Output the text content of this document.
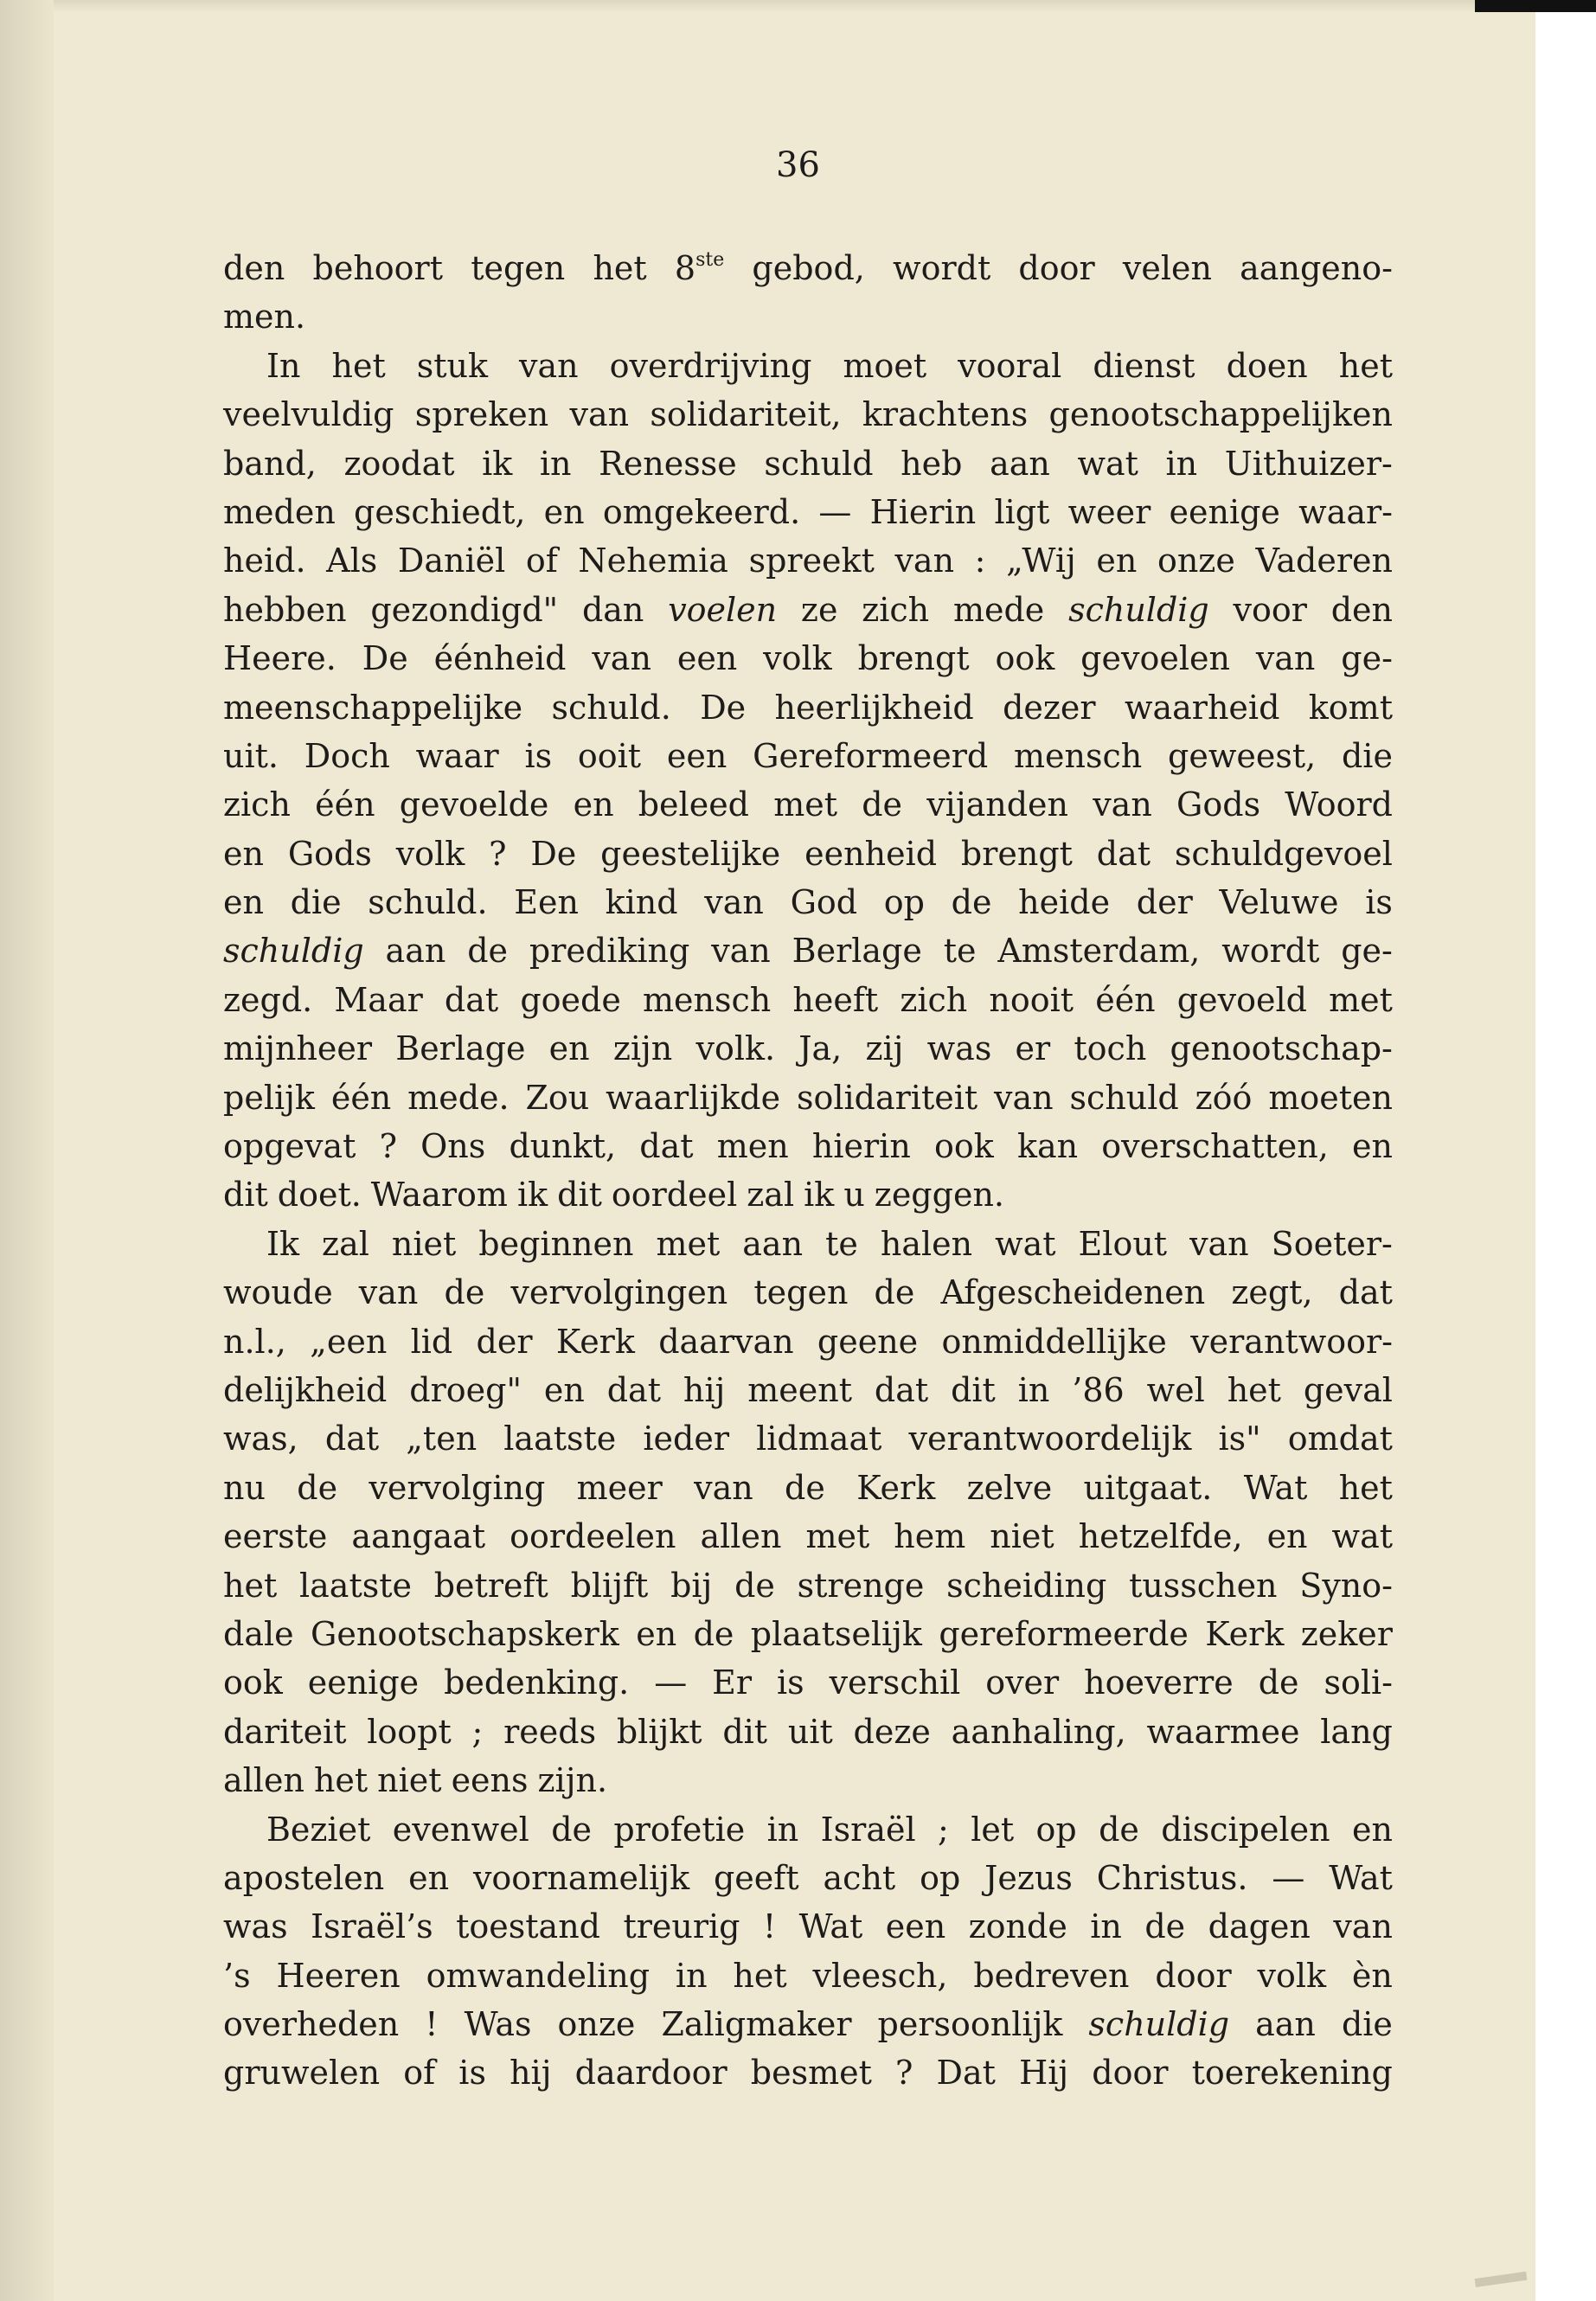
36
den behoort tegen het 8ste gebod, wordt door velen aangeno-
men.
In het stuk van overdrijving moet vooral dienst doen het
veelvuldig spreken van solidariteit, krachtens genootschappelijken
band, zoodat ik in Renesse schuld heb aan wat in Uithuizer-
meden geschiedt, en omgekeerd. — Hierin ligt weer eenige waar-
heid. Als Daniël of Nehemia spreekt van : „Wij en onze Vaderen
hebben gezondigd" dan voelen ze zich mede schuldig voor den
Heere. De éénheid van een volk brengt ook gevoelen van ge-
meenschappelijke schuld. De heerlijkheid dezer waarheid komt
uit. Doch waar is ooit een Gereformeerd mensch geweest, die
zich één gevoelde en beleed met de vijanden van Gods Woord
en Gods volk ? De geestelijke eenheid brengt dat schuldgevoel
en die schuld. Een kind van God op de heide der Veluwe is
schuldig aan de prediking van Berlage te Amsterdam, wordt ge-
zegd. Maar dat goede mensch heeft zich nooit één gevoeld met
mijnheer Berlage en zijn volk. Ja, zij was er toch genootschap-
pelijk één mede. Zou waarlijkde solidariteit van schuld zóó moeten
opgevat ? Ons dunkt, dat men hierin ook kan overschatten, en
dit doet. Waarom ik dit oordeel zal ik u zeggen.
Ik zal niet beginnen met aan te halen wat Elout van Soeter-
woude van de vervolgingen tegen de Afgescheidenen zegt, dat
n.l., „een lid der Kerk daarvan geene onmiddellijke verantwoor-
delijkheid droeg" en dat hij meent dat dit in ’86 wel het geval
was, dat „ten laatste ieder lidmaat verantwoordelijk is" omdat
nu de vervolging meer van de Kerk zelve uitgaat. Wat het
eerste aangaat oordeelen allen met hem niet hetzelfde, en wat
het laatste betreft blijft bij de strenge scheiding tusschen Syno-
dale Genootschapskerk en de plaatselijk gereformeerde Kerk zeker
ook eenige bedenking. — Er is verschil over hoeverre de soli-
dariteit loopt ; reeds blijkt dit uit deze aanhaling, waarmee lang
allen het niet eens zijn.
Beziet evenwel de profetie in Israël ; let op de discipelen en
apostelen en voornamelijk geeft acht op Jezus Christus. — Wat
was Israël’s toestand treurig ! Wat een zonde in de dagen van
’s Heeren omwandeling in het vleesch, bedreven door volk èn
overheden ! Was onze Zaligmaker persoonlijk schuldig aan die
gruwelen of is hij daardoor besmet ? Dat Hij door toerekening
